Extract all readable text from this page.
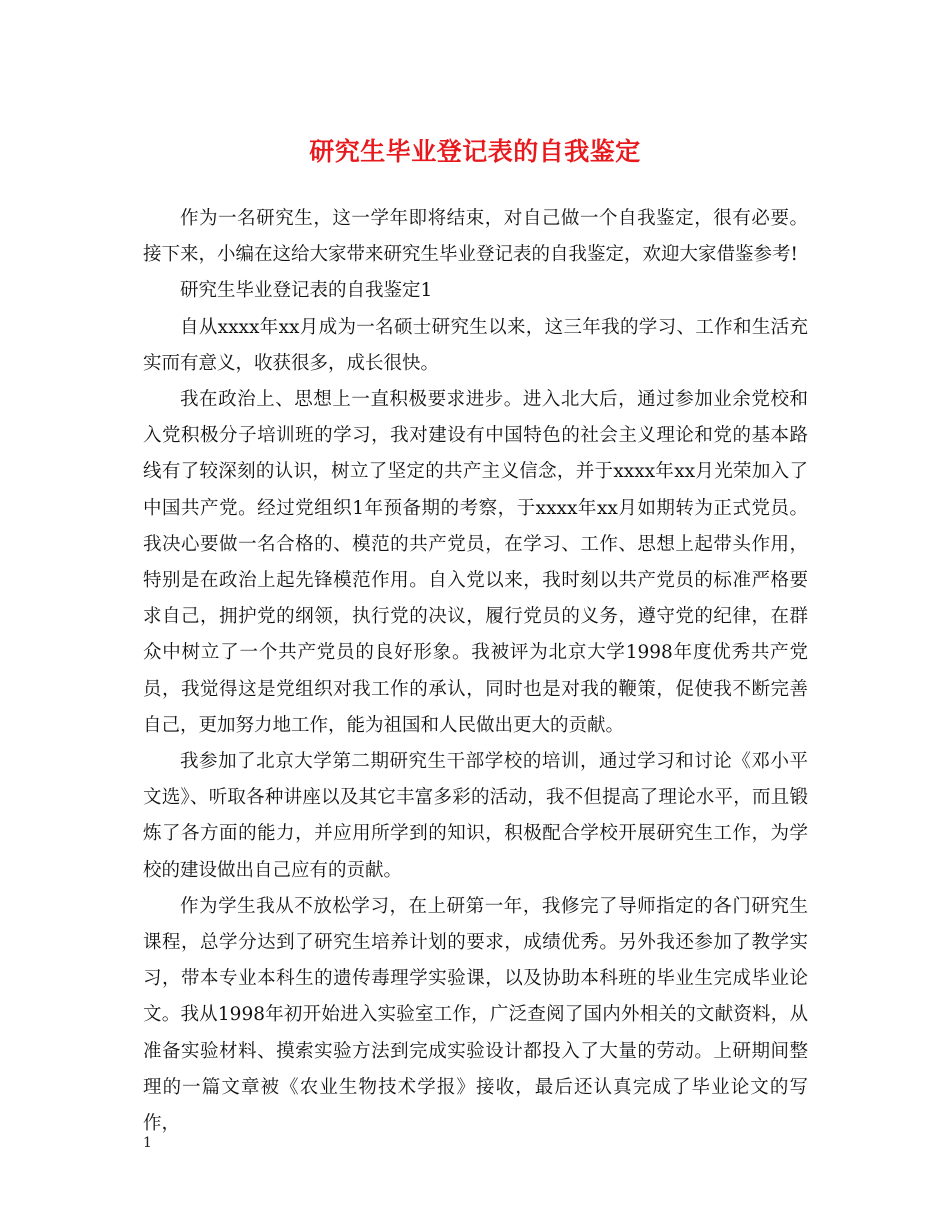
研究生毕业登记表的自我鉴定

作为一名研究生，这一学年即将结束，对自己做一个自我鉴定，很有必要。接下来，小编在这给大家带来研究生毕业登记表的自我鉴定，欢迎大家借鉴参考!

研究生毕业登记表的自我鉴定1

自从xxxx年xx月成为一名硕士研究生以来，这三年我的学习、工作和生活充实而有意义，收获很多，成长很快。

我在政治上、思想上一直积极要求进步。进入北大后，通过参加业余党校和入党积极分子培训班的学习，我对建设有中国特色的社会主义理论和党的基本路线有了较深刻的认识，树立了坚定的共产主义信念，并于xxxx年xx月光荣加入了中国共产党。经过党组织1年预备期的考察，于xxxx年xx月如期转为正式党员。我决心要做一名合格的、模范的共产党员，在学习、工作、思想上起带头作用，特别是在政治上起先锋模范作用。自入党以来，我时刻以共产党员的标准严格要求自己，拥护党的纲领，执行党的决议，履行党员的义务，遵守党的纪律，在群众中树立了一个共产党员的良好形象。我被评为北京大学1998年度优秀共产党员，我觉得这是党组织对我工作的承认，同时也是对我的鞭策，促使我不断完善自己，更加努力地工作，能为祖国和人民做出更大的贡献。

我参加了北京大学第二期研究生干部学校的培训，通过学习和讨论《邓小平文选》、听取各种讲座以及其它丰富多彩的活动，我不但提高了理论水平，而且锻炼了各方面的能力，并应用所学到的知识，积极配合学校开展研究生工作，为学校的建设做出自己应有的贡献。

作为学生我从不放松学习，在上研第一年，我修完了导师指定的各门研究生课程，总学分达到了研究生培养计划的要求，成绩优秀。另外我还参加了教学实习，带本专业本科生的遗传毒理学实验课，以及协助本科班的毕业生完成毕业论文。我从1998年初开始进入实验室工作，广泛查阅了国内外相关的文献资料，从准备实验材料、摸索实验方法到完成实验设计都投入了大量的劳动。上研期间整理的一篇文章被《农业生物技术学报》接收，最后还认真完成了毕业论文的写作，

1
